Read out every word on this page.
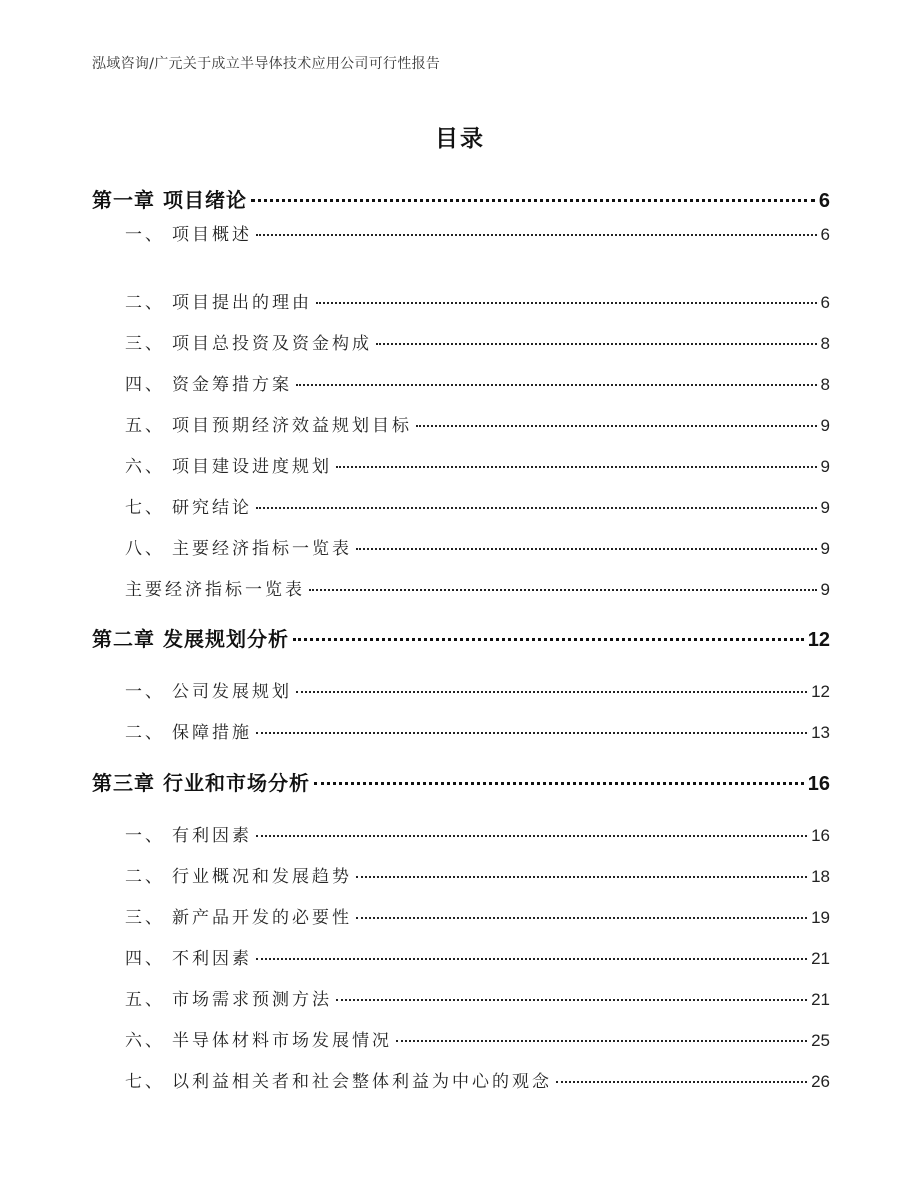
泓域咨询/广元关于成立半导体技术应用公司可行性报告
目录
第一章 项目绪论	6
一、 项目概述	6
二、 项目提出的理由	6
三、 项目总投资及资金构成	8
四、 资金筹措方案	8
五、 项目预期经济效益规划目标	9
六、 项目建设进度规划	9
七、 研究结论	9
八、 主要经济指标一览表	9
主要经济指标一览表	9
第二章 发展规划分析	12
一、 公司发展规划	12
二、 保障措施	13
第三章 行业和市场分析	16
一、 有利因素	16
二、 行业概况和发展趋势	18
三、 新产品开发的必要性	19
四、 不利因素	21
五、 市场需求预测方法	21
六、 半导体材料市场发展情况	25
七、 以利益相关者和社会整体利益为中心的观念	26
